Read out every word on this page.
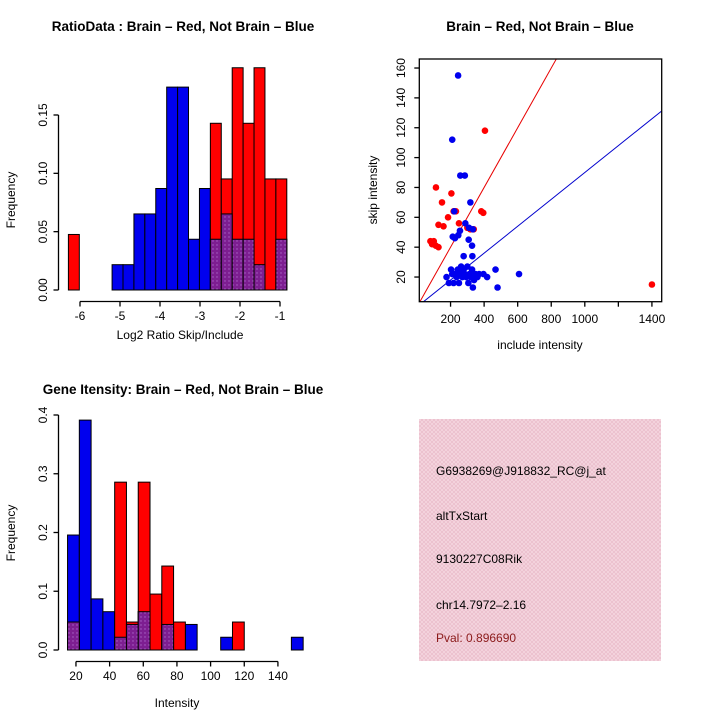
0.00
0.05
0.10
0.15
-6 -5 -4 -3 -2 -1
RatioData : Brain – Red, Not Brain – Blue
Log2 Ratio Skip/Include
Frequency
200 400 600 800 1000	1400
20
40
60
80
100
120
140
160
Brain – Red, Not Brain – Blue
include intensity
skip intensity
0.0
0.1
0.2
0.3
0.4
20 40 60 80 100 120 140
Gene Itensity: Brain – Red, Not Brain – Blue
Intensity
Frequency
G6938269@J918832_RC@j_at
altTxStart
9130227C08Rik
chr14.7972–2.16
Pval: 0.896690
